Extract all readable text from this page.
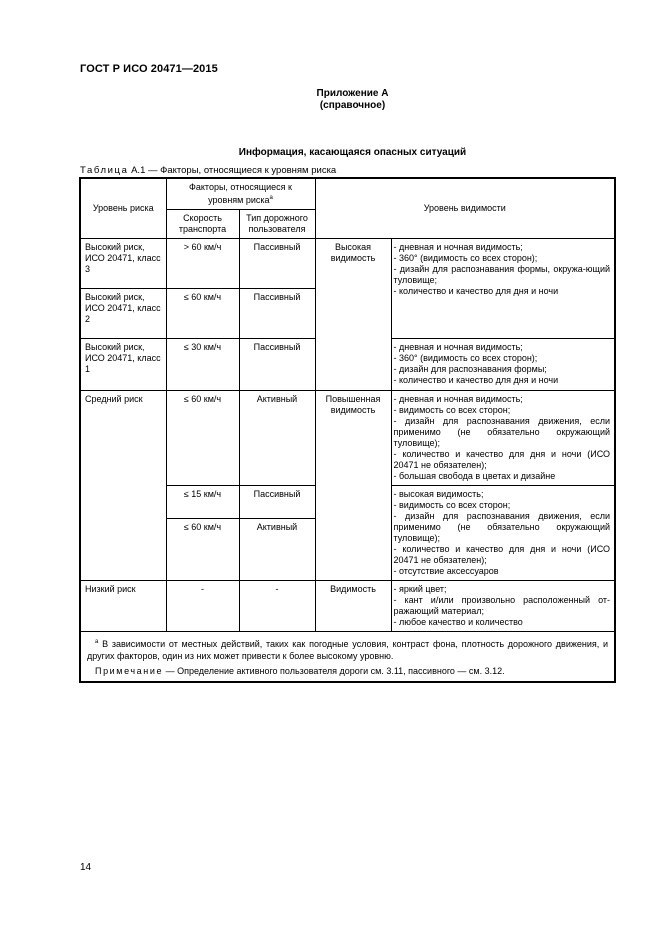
ГОСТ Р ИСО 20471—2015
Приложение А
(справочное)
Информация, касающаяся опасных ситуаций
Таблица А.1 — Факторы, относящиеся к уровням риска
Уровень риска	Факторы, относящиеся к уровням риска$^а$		Уровень видимости	
	Скорость транспорта	Тип дорожного пользователя		
Высокий риск, ИСО 20471, класс 3	> 60 км/ч	Пассивный	Высокая видимость	- дневная и ночная видимость;
- 360° (видимость со всех сторон);
- дизайн для распознавания формы, окружа-ющий туловище;
- количество и качество для дня и ночи

Высокий риск, ИСО 20471, класс 2	≤ 60 км/ч	Пассивный		
Высокий риск, ИСО 20471, класс 1	≤ 30 км/ч	Пассивный		- дневная и ночная видимость;
- 360° (видимость со всех сторон);
- дизайн для распознавания формы;
- количество и качество для дня и ночи

Средний риск	≤ 60 км/ч	Активный	Повышенная видимость	- дневная и ночная видимость;
- видимость со всех сторон;
- дизайн для распознавания движения, если применимо (не обязательно окружающий туловище);
- количество и качество для дня и ночи (ИСО 20471 не обязателен);
- большая свобода в цветах и дизайне

	≤ 15 км/ч	Пассивный		- высокая видимость;
- видимость со всех сторон;
- дизайн для распознавания движения, если применимо (не обязательно окружающий туловище);
- количество и качество для дня и ночи (ИСО 20471 не обязателен);
- отсутствие аксессуаров

	≤ 60 км/ч	Активный		
Низкий риск	-	-	Видимость	- яркий цвет;
- кант и/или произвольно расположенный от-ражающий материал;
- любое качество и количество

$^а$ В зависимости от местных действий, таких как погодные условия, контраст фона, плотность дорожного движения, и других факторов, один из них может привести к более высокому уровню.

Примечание — Определение активного пользователя дороги см. 3.11, пассивного — см. 3.12.				

14
